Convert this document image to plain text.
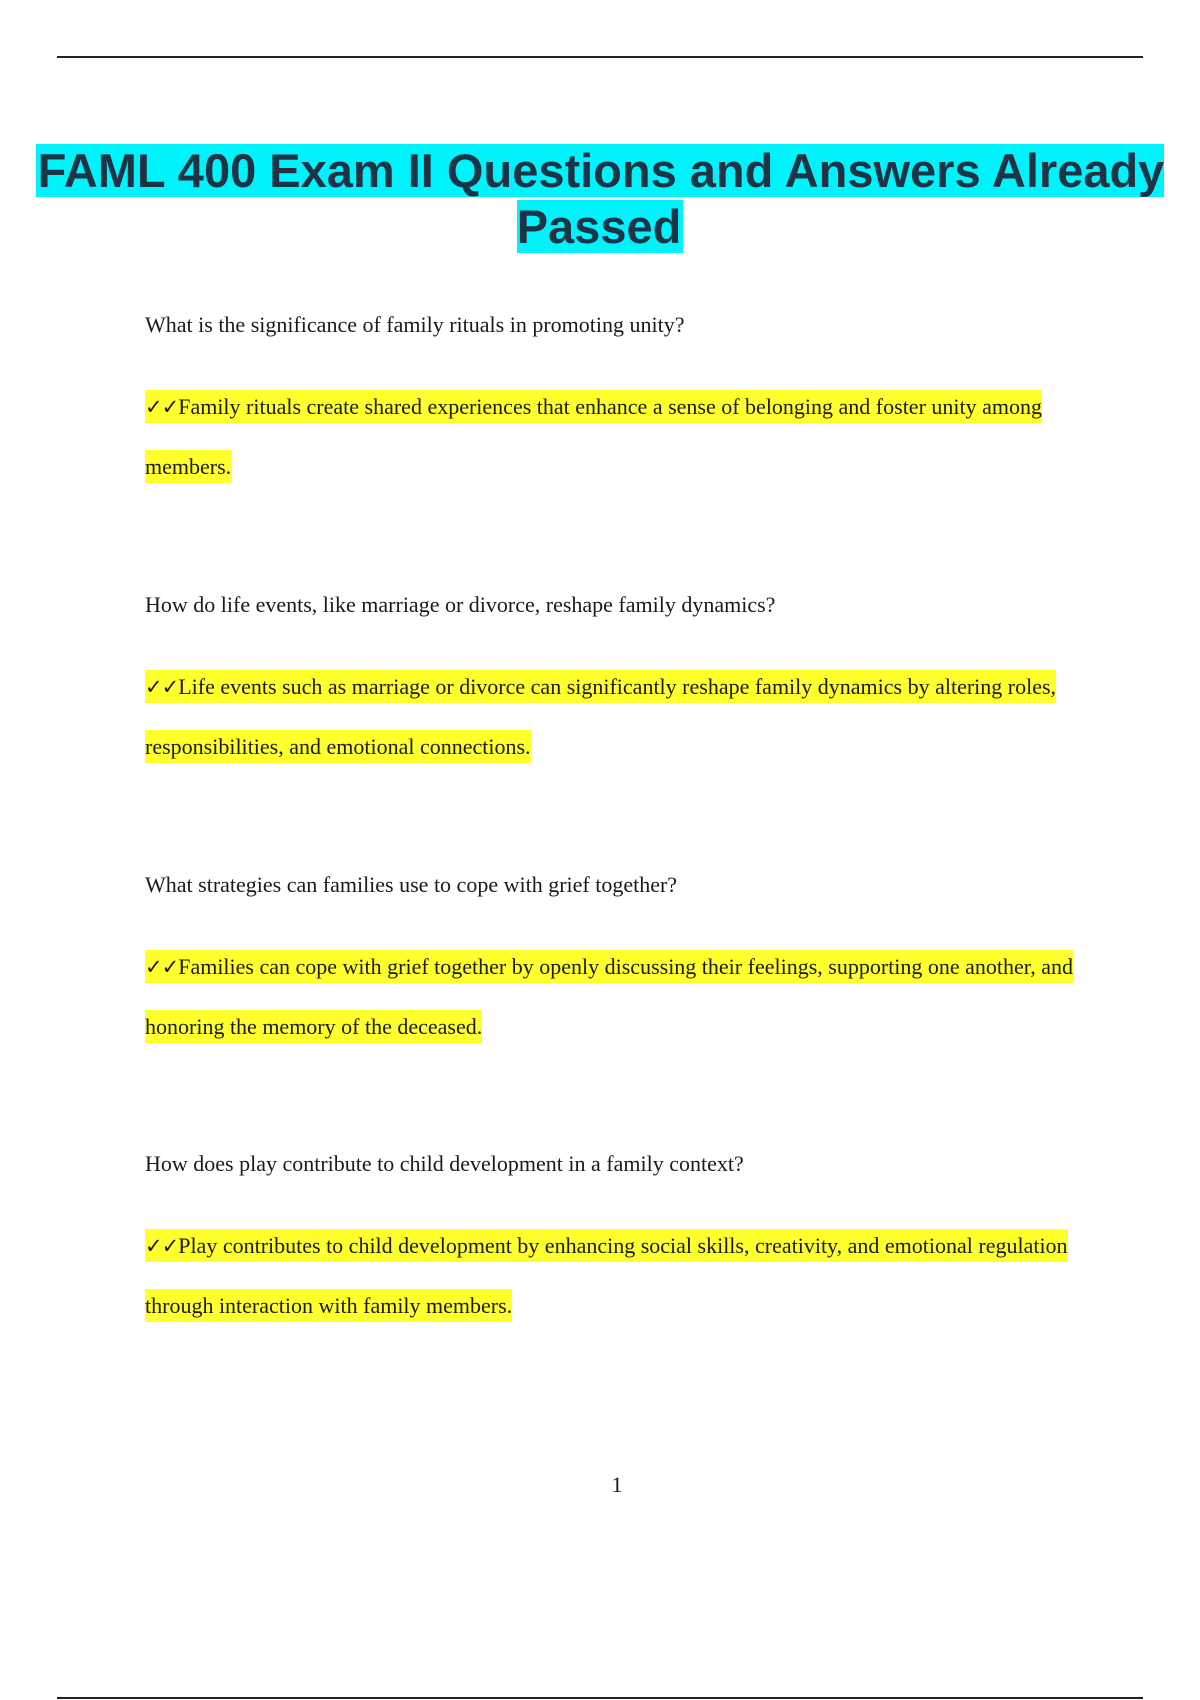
FAML 400 Exam II Questions and Answers Already Passed

What is the significance of family rituals in promoting unity?

✓✓Family rituals create shared experiences that enhance a sense of belonging and foster unity among members.

How do life events, like marriage or divorce, reshape family dynamics?

✓✓Life events such as marriage or divorce can significantly reshape family dynamics by altering roles, responsibilities, and emotional connections.

What strategies can families use to cope with grief together?

✓✓Families can cope with grief together by openly discussing their feelings, supporting one another, and honoring the memory of the deceased.

How does play contribute to child development in a family context?

✓✓Play contributes to child development by enhancing social skills, creativity, and emotional regulation through interaction with family members.

1
